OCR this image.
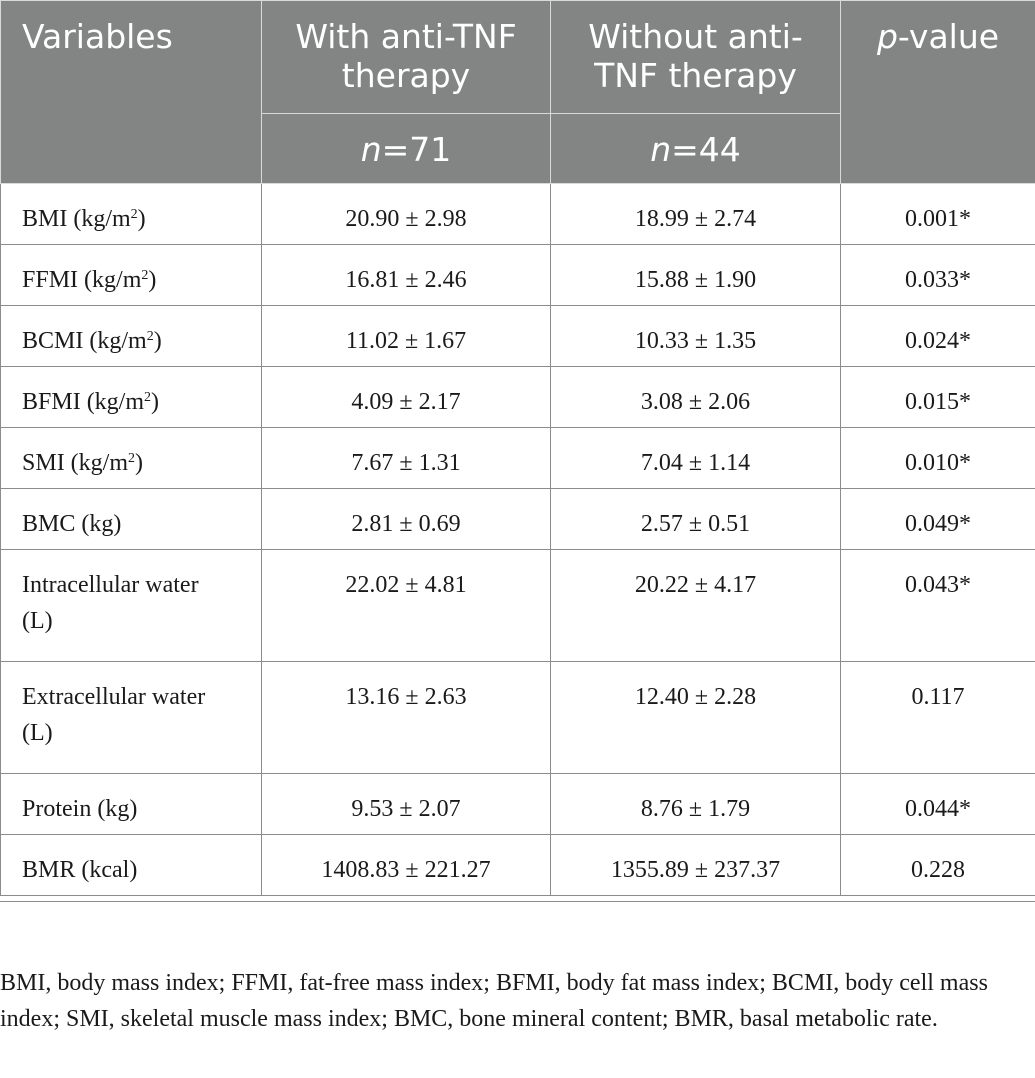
Variables	With anti-TNF therapy	Without anti-
TNF therapy	p-value
	n=71	n=44	
BMI $(kg/m^2)$	20.90 ± 2.98	18.99 ± 2.74	0.001*
FFMI $(kg/m^2)$	16.81 ± 2.46	15.88 ± 1.90	0.033*
BCMI $(kg/m^2)$	11.02 ± 1.67	10.33 ± 1.35	0.024*
BFMI $(kg/m^2)$	4.09 ± 2.17	3.08 ± 2.06	0.015*
SMI $(kg/m^2)$	7.67 ± 1.31	7.04 ± 1.14	0.010*
BMC (kg)	2.81 ± 0.69	2.57 ± 0.51	0.049*
Intracellular water
(L)	22.02 ± 4.81	20.22 ± 4.17	0.043*
Extracellular water
(L)	13.16 ± 2.63	12.40 ± 2.28	0.117
Protein (kg)	9.53 ± 2.07	8.76 ± 1.79	0.044*
BMR (kcal)	1408.83 ± 221.27	1355.89 ± 237.37	0.228
BMI, body mass index; FFMI, fat-free mass index; BFMI, body fat mass index; BCMI, body cell mass index; SMI, skeletal muscle mass index; BMC, bone mineral content; BMR, basal metabolic rate.
